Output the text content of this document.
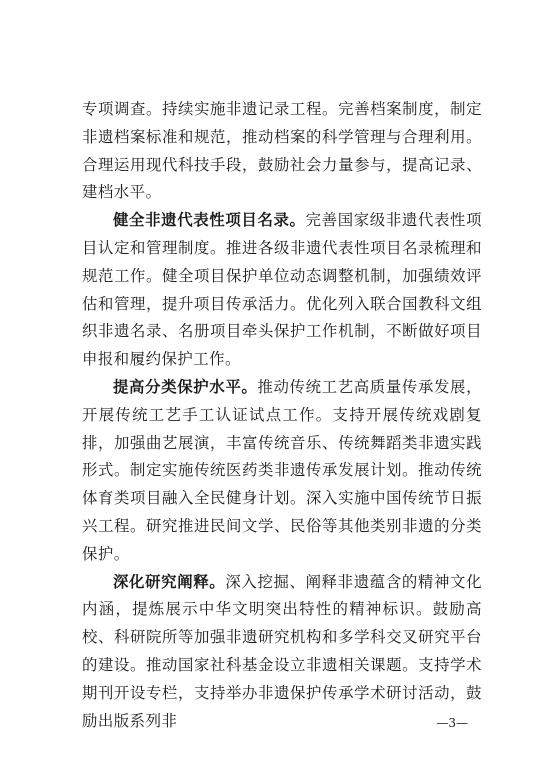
专项调查。持续实施非遗记录工程。完善档案制度，制定非遗档案标准和规范，推动档案的科学管理与合理利用。合理运用现代科技手段，鼓励社会力量参与，提高记录、建档水平。

健全非遗代表性项目名录。完善国家级非遗代表性项目认定和管理制度。推进各级非遗代表性项目名录梳理和规范工作。健全项目保护单位动态调整机制，加强绩效评估和管理，提升项目传承活力。优化列入联合国教科文组织非遗名录、名册项目牵头保护工作机制，不断做好项目申报和履约保护工作。

提高分类保护水平。推动传统工艺高质量传承发展，开展传统工艺手工认证试点工作。支持开展传统戏剧复排，加强曲艺展演，丰富传统音乐、传统舞蹈类非遗实践形式。制定实施传统医药类非遗传承发展计划。推动传统体育类项目融入全民健身计划。深入实施中国传统节日振兴工程。研究推进民间文学、民俗等其他类别非遗的分类保护。

深化研究阐释。深入挖掘、阐释非遗蕴含的精神文化内涵，提炼展示中华文明突出特性的精神标识。鼓励高校、科研院所等加强非遗研究机构和多学科交叉研究平台的建设。推动国家社科基金设立非遗相关课题。支持学术期刊开设专栏，支持举办非遗保护传承学术研讨活动，鼓励出版系列非	—3—
